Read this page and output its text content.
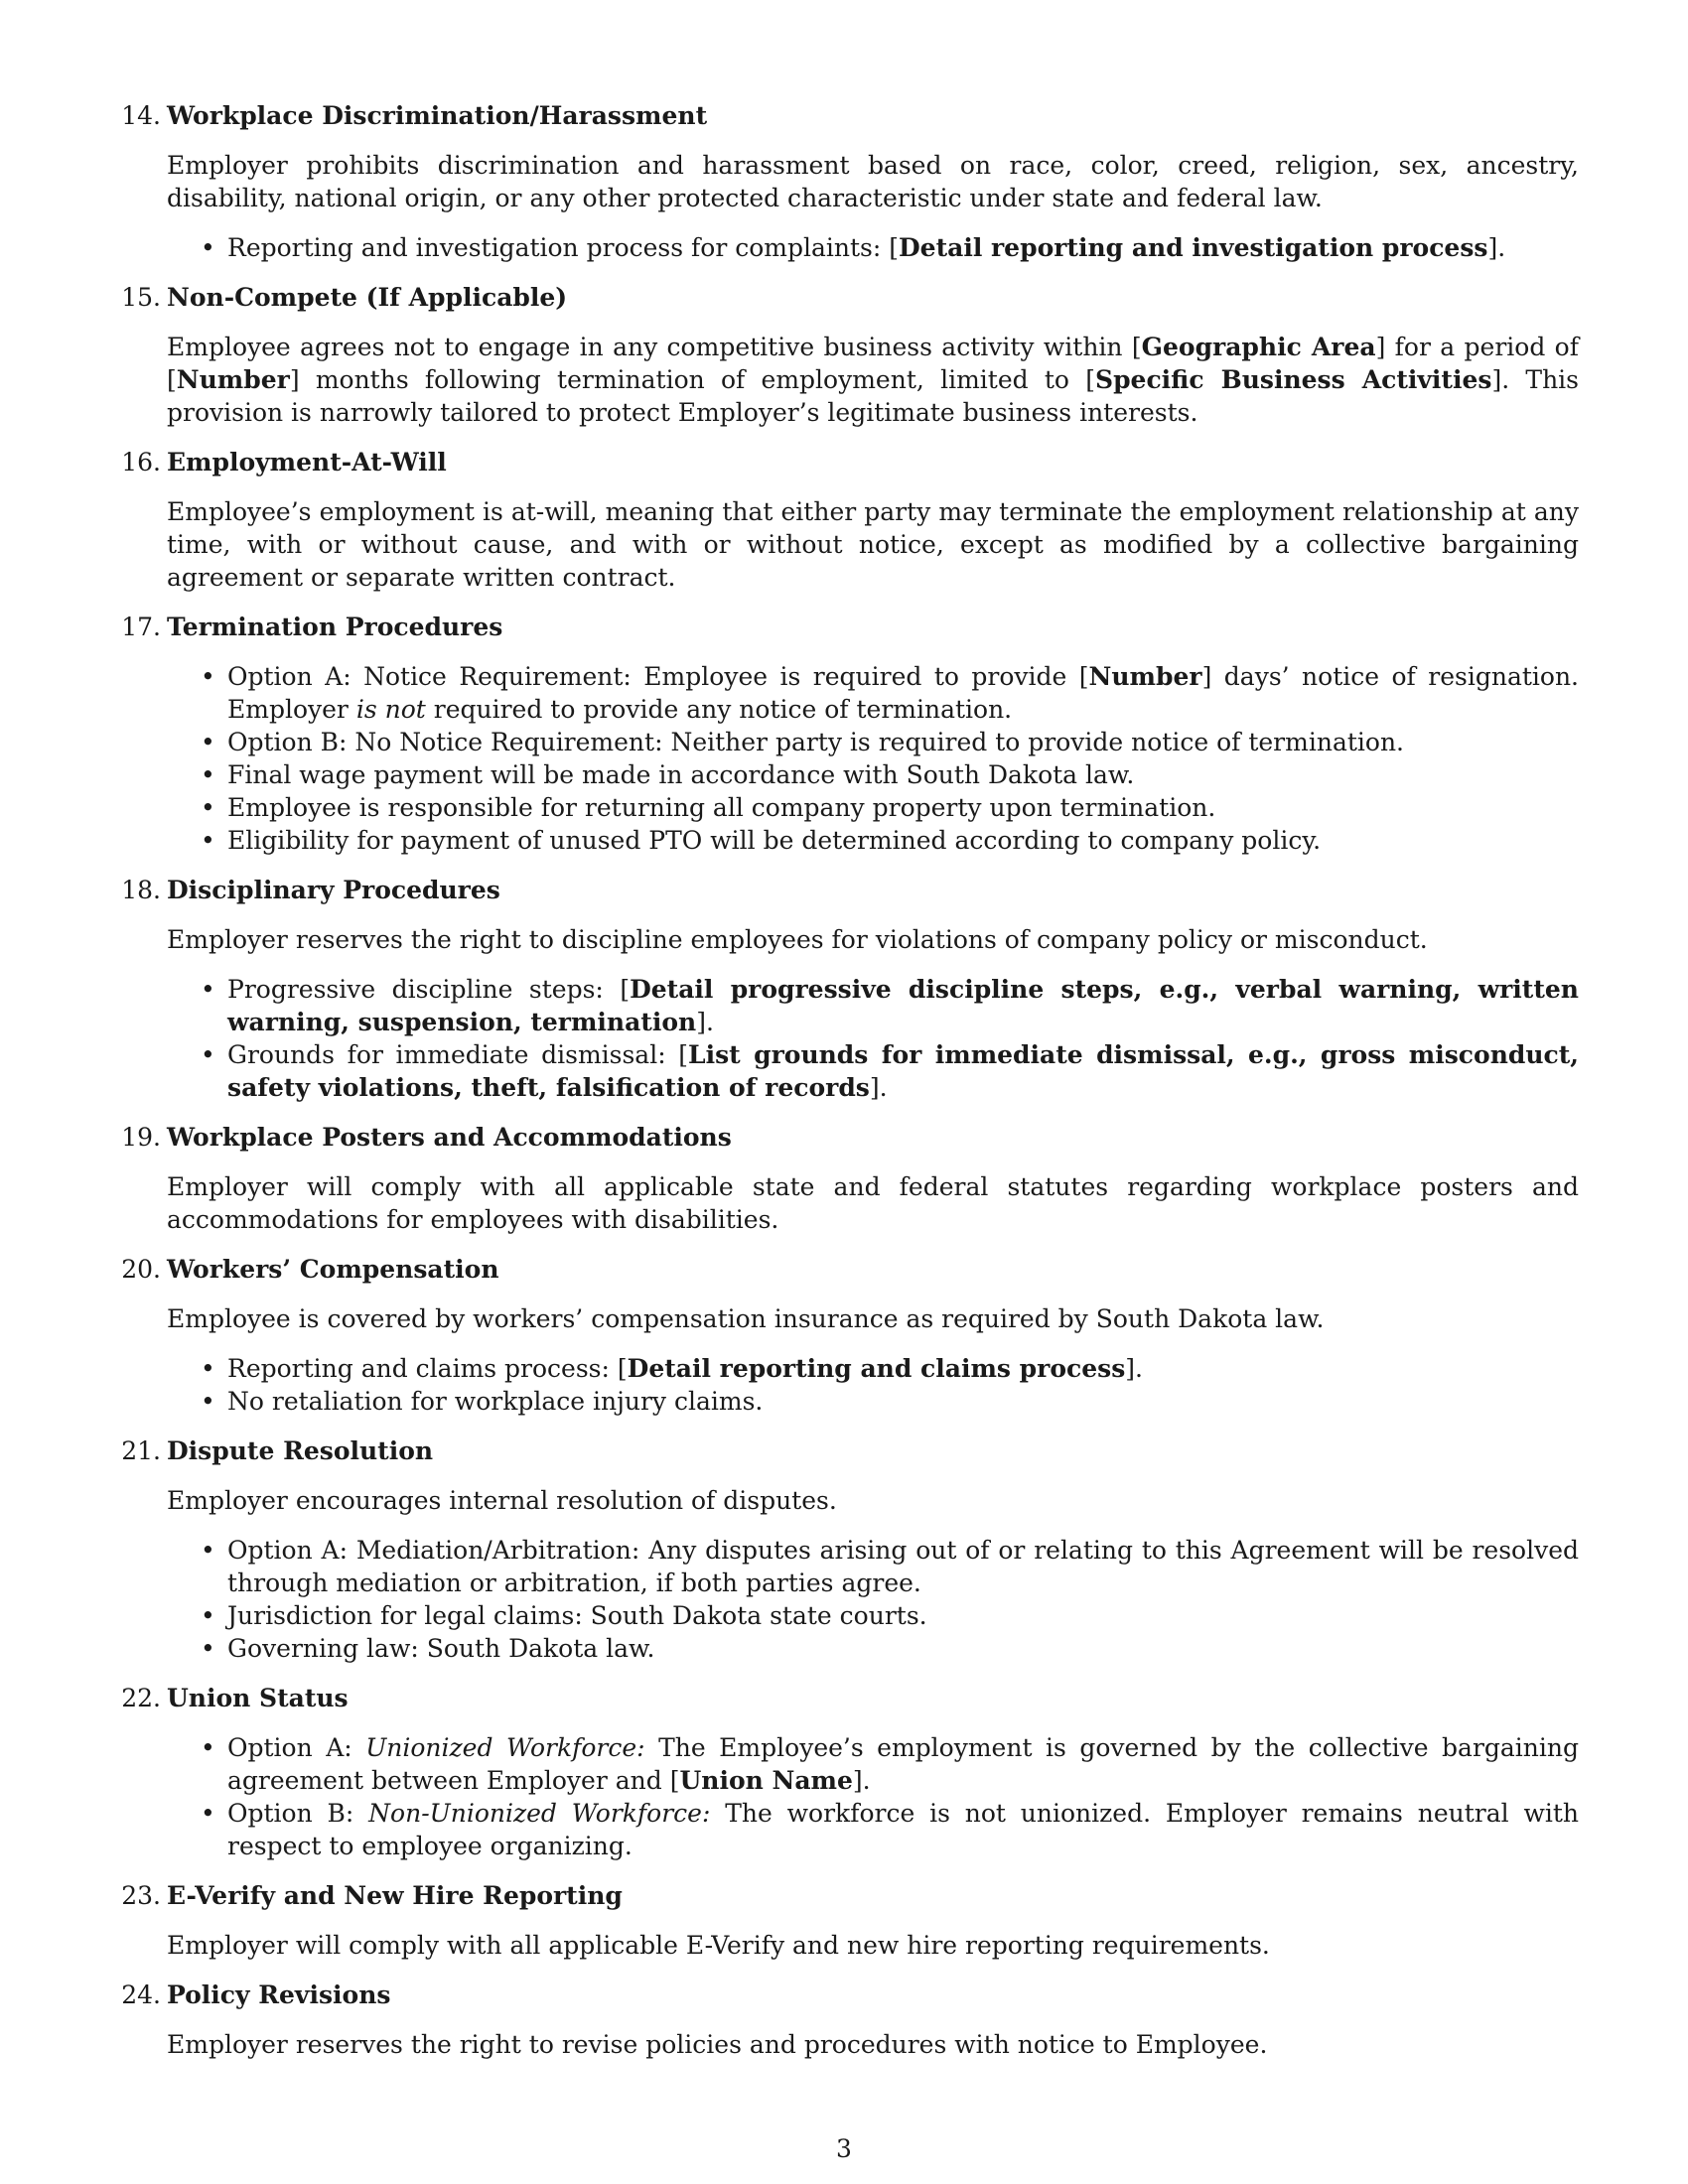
14. Workplace Discrimination/Harassment

Employer prohibits discrimination and harassment based on race, color, creed, religion, sex, ancestry, disability, national origin, or any other protected characteristic under state and federal law.

• Reporting and investigation process for complaints: [Detail reporting and investigation process].
15. Non-Compete (If Applicable)

Employee agrees not to engage in any competitive business activity within [Geographic Area] for a period of [Number] months following termination of employment, limited to [Specific Business Activities]. This provision is narrowly tailored to protect Employer’s legitimate business interests.

16. Employment-At-Will

Employee’s employment is at-will, meaning that either party may terminate the employment relationship at any time, with or without cause, and with or without notice, except as modified by a collective bargaining agreement or separate written contract.

17. Termination Procedures
• Option A: Notice Requirement: Employee is required to provide [Number] days’ notice of resignation. Employer is not required to provide any notice of termination.
• Option B: No Notice Requirement: Neither party is required to provide notice of termination.
• Final wage payment will be made in accordance with South Dakota law.
• Employee is responsible for returning all company property upon termination.
• Eligibility for payment of unused PTO will be determined according to company policy.
18. Disciplinary Procedures

Employer reserves the right to discipline employees for violations of company policy or misconduct.

• Progressive discipline steps: [Detail progressive discipline steps, e.g., verbal warning, written warning, suspension, termination].
• Grounds for immediate dismissal: [List grounds for immediate dismissal, e.g., gross misconduct, safety violations, theft, falsification of records].
19. Workplace Posters and Accommodations

Employer will comply with all applicable state and federal statutes regarding workplace posters and accommodations for employees with disabilities.

20. Workers’ Compensation

Employee is covered by workers’ compensation insurance as required by South Dakota law.

• Reporting and claims process: [Detail reporting and claims process].
• No retaliation for workplace injury claims.
21. Dispute Resolution

Employer encourages internal resolution of disputes.

• Option A: Mediation/Arbitration: Any disputes arising out of or relating to this Agreement will be resolved through mediation or arbitration, if both parties agree.
• Jurisdiction for legal claims: South Dakota state courts.
• Governing law: South Dakota law.
22. Union Status
• Option A: Unionized Workforce: The Employee’s employment is governed by the collective bargaining agreement between Employer and [Union Name].
• Option B: Non-Unionized Workforce: The workforce is not unionized. Employer remains neutral with respect to employee organizing.
23. E-Verify and New Hire Reporting

Employer will comply with all applicable E-Verify and new hire reporting requirements.

24. Policy Revisions

Employer reserves the right to revise policies and procedures with notice to Employee.

3
